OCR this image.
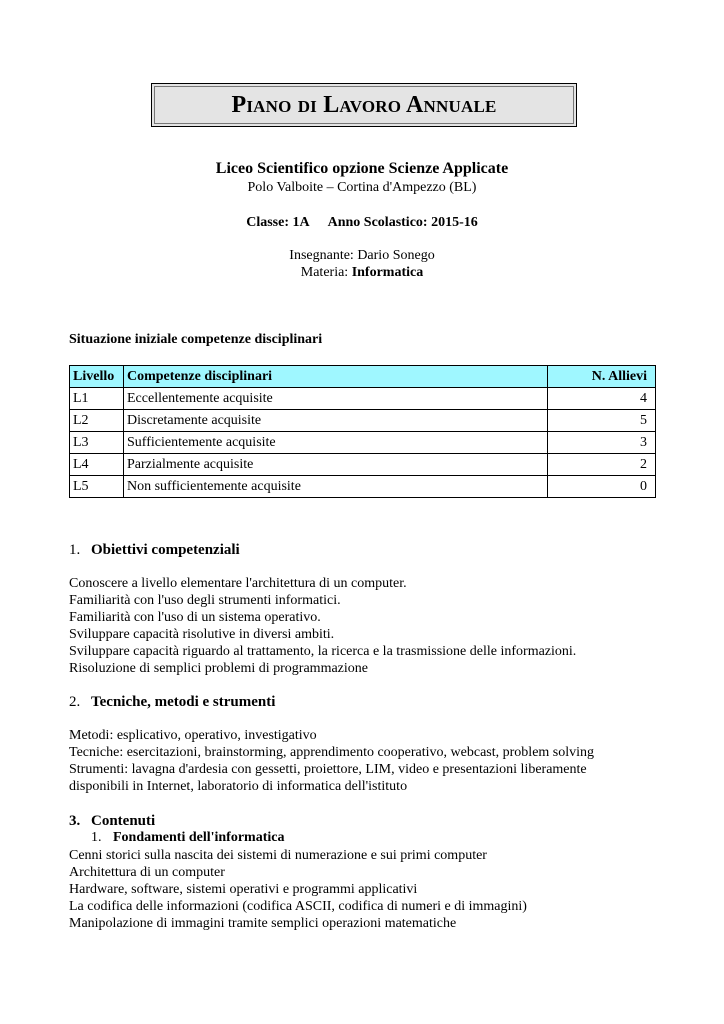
Piano di Lavoro Annuale
Liceo Scientifico opzione Scienze Applicate
Polo Valboite – Cortina d'Ampezzo (BL)
Classe: 1A Anno Scolastico: 2015-16
Insegnante: Dario Sonego
Materia: Informatica
Situazione iniziale competenze disciplinari
Livello	Competenze disciplinari	N. Allievi
L1	Eccellentemente acquisite	4
L2	Discretamente acquisite	5
L3	Sufficientemente acquisite	3
L4	Parzialmente acquisite	2
L5	Non sufficientemente acquisite	0
1. Obiettivi competenziali
Conoscere a livello elementare l'architettura di un computer.
Familiarità con l'uso degli strumenti informatici.
Familiarità con l'uso di un sistema operativo.
Sviluppare capacità risolutive in diversi ambiti.
Sviluppare capacità riguardo al trattamento, la ricerca e la trasmissione delle informazioni.
Risoluzione di semplici problemi di programmazione
2. Tecniche, metodi e strumenti
Metodi: esplicativo, operativo, investigativo
Tecniche: esercitazioni, brainstorming, apprendimento cooperativo, webcast, problem solving
Strumenti: lavagna d'ardesia con gessetti, proiettore, LIM, video e presentazioni liberamente
disponibili in Internet, laboratorio di informatica dell'istituto
3. Contenuti
1. Fondamenti dell'informatica
Cenni storici sulla nascita dei sistemi di numerazione e sui primi computer
Architettura di un computer
Hardware, software, sistemi operativi e programmi applicativi
La codifica delle informazioni (codifica ASCII, codifica di numeri e di immagini)
Manipolazione di immagini tramite semplici operazioni matematiche
